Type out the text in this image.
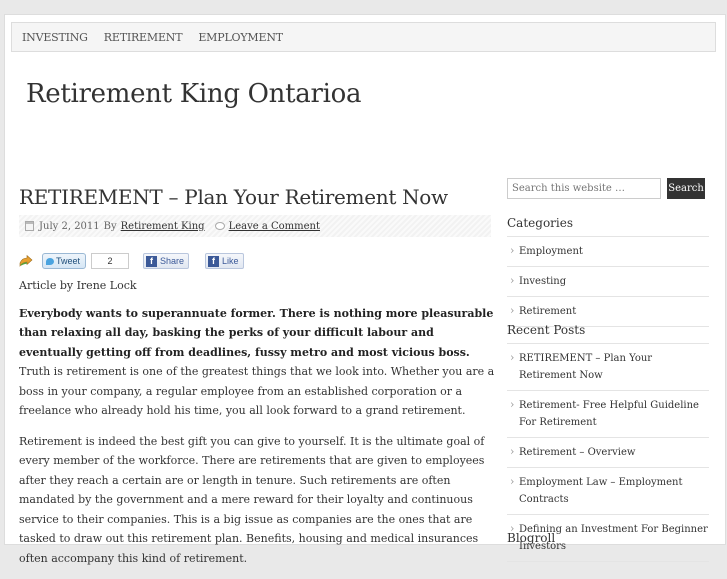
INVESTING	RETIREMENT	EMPLOYMENT
Retirement King Ontarioa
RETIREMENT – Plan Your Retirement Now
July 2, 2011 By Retirement King Leave a Comment
Tweet	2	f Share	f Like

Article by Irene Lock

Everybody wants to superannuate former. There is nothing more pleasurable than relaxing all day, basking the perks of your difficult labour and eventually getting off from deadlines, fussy metro and most vicious boss. Truth is retirement is one of the greatest things that we look into. Whether you are a boss in your company, a regular employee from an established corporation or a freelance who already hold his time, you all look forward to a grand retirement.

Retirement is indeed the best gift you can give to yourself. It is the ultimate goal of every member of the workforce. There are retirements that are given to employees after they reach a certain are or length in tenure. Such retirements are often mandated by the government and a mere reward for their loyalty and continuous service to their companies. This is a big issue as companies are the ones that are tasked to draw out this retirement plan. Benefits, housing and medical insurances often accompany this kind of retirement.

Search this website …
Search
Categories
› Employment
› Investing
› Retirement
Recent Posts
› RETIREMENT – Plan Your Retirement Now
› Retirement- Free Helpful Guideline For Retirement
› Retirement – Overview
› Employment Law – Employment Contracts
› Defining an Investment For Beginner Investors
Blogroll
